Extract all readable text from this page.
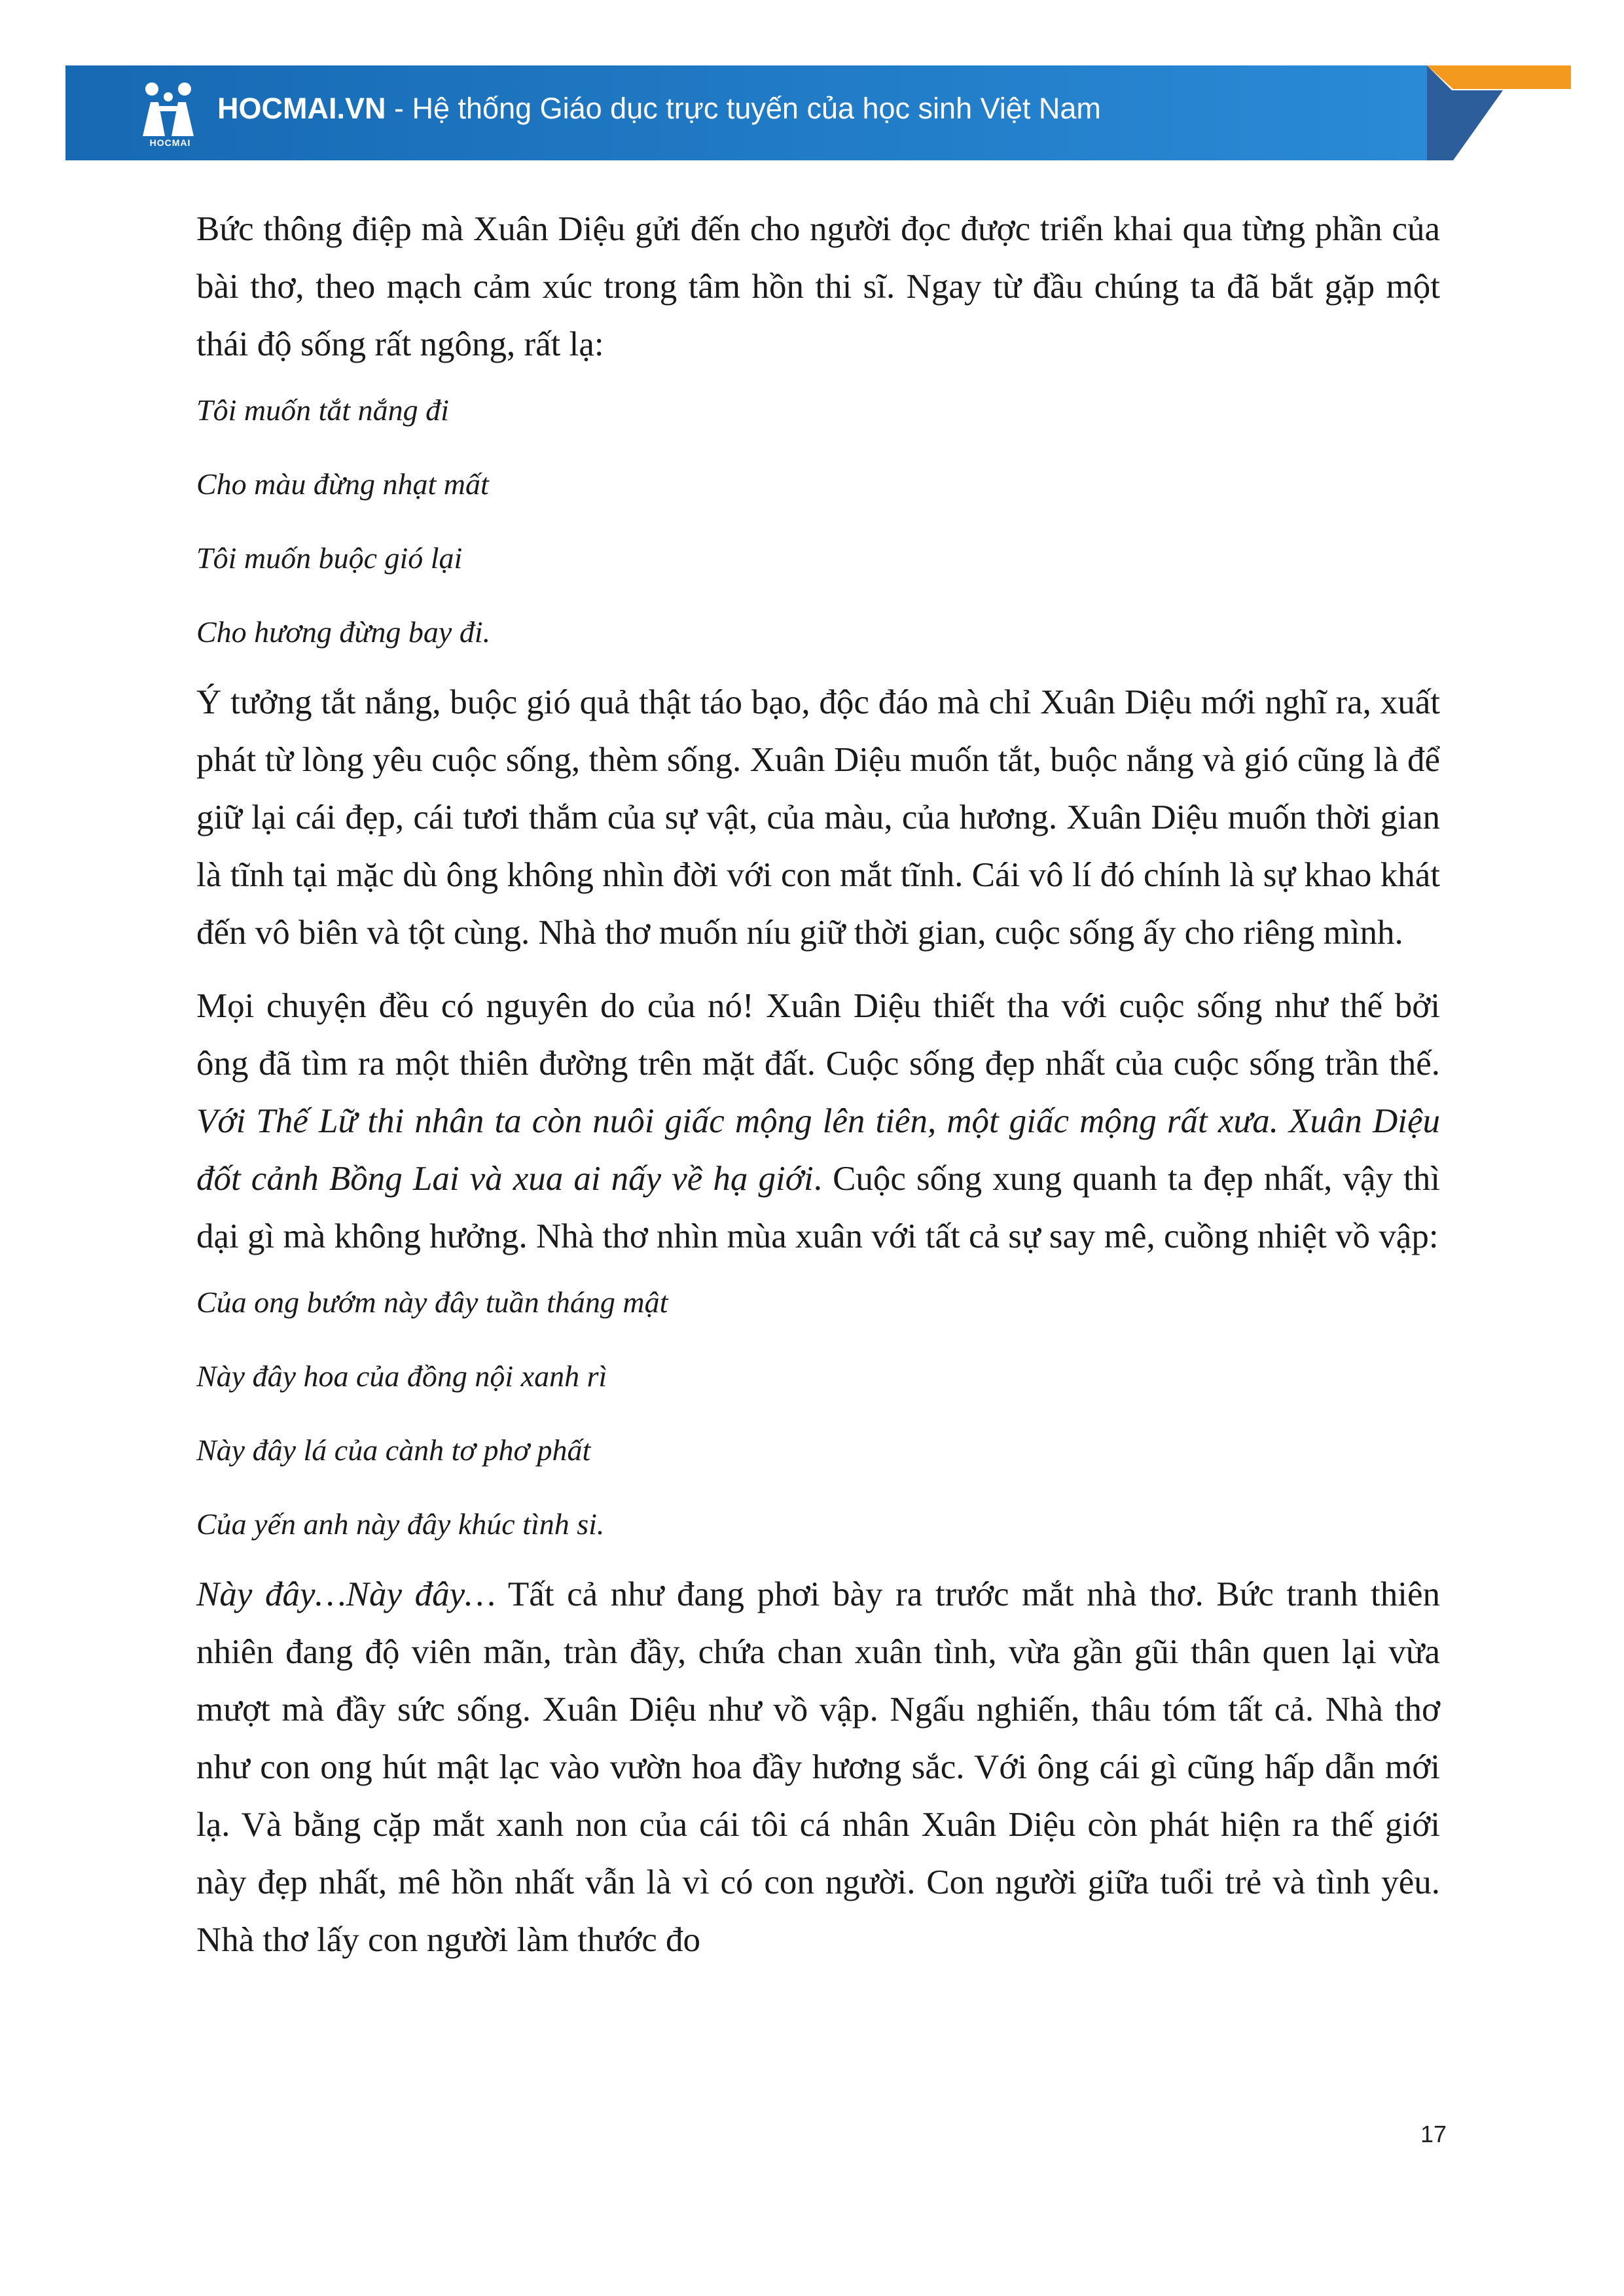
HOCMAI
HOCMAI.VN - Hệ thống Giáo dục trực tuyến của học sinh Việt Nam

Bức thông điệp mà Xuân Diệu gửi đến cho người đọc được triển khai qua từng phần của bài thơ, theo mạch cảm xúc trong tâm hồn thi sĩ. Ngay từ đầu chúng ta đã bắt gặp một thái độ sống rất ngông, rất lạ:

Tôi muốn tắt nắng đi
Cho màu đừng nhạt mất
Tôi muốn buộc gió lại
Cho hương đừng bay đi.

Ý tưởng tắt nắng, buộc gió quả thật táo bạo, độc đáo mà chỉ Xuân Diệu mới nghĩ ra, xuất phát từ lòng yêu cuộc sống, thèm sống. Xuân Diệu muốn tắt, buộc nắng và gió cũng là để giữ lại cái đẹp, cái tươi thắm của sự vật, của màu, của hương. Xuân Diệu muốn thời gian là tĩnh tại mặc dù ông không nhìn đời với con mắt tĩnh. Cái vô lí đó chính là sự khao khát đến vô biên và tột cùng. Nhà thơ muốn níu giữ thời gian, cuộc sống ấy cho riêng mình.

Mọi chuyện đều có nguyên do của nó! Xuân Diệu thiết tha với cuộc sống như thế bởi ông đã tìm ra một thiên đường trên mặt đất. Cuộc sống đẹp nhất của cuộc sống trần thế. Với Thế Lữ thi nhân ta còn nuôi giấc mộng lên tiên, một giấc mộng rất xưa. Xuân Diệu đốt cảnh Bồng Lai và xua ai nấy về hạ giới. Cuộc sống xung quanh ta đẹp nhất, vậy thì dại gì mà không hưởng. Nhà thơ nhìn mùa xuân với tất cả sự say mê, cuồng nhiệt vồ vập:

Của ong bướm này đây tuần tháng mật
Này đây hoa của đồng nội xanh rì
Này đây lá của cành tơ phơ phất
Của yến anh này đây khúc tình si.

Này đây…Này đây… Tất cả như đang phơi bày ra trước mắt nhà thơ. Bức tranh thiên nhiên đang độ viên mãn, tràn đầy, chứa chan xuân tình, vừa gần gũi thân quen lại vừa mượt mà đầy sức sống. Xuân Diệu như vồ vập. Ngấu nghiến, thâu tóm tất cả. Nhà thơ như con ong hút mật lạc vào vườn hoa đầy hương sắc. Với ông cái gì cũng hấp dẫn mới lạ. Và bằng cặp mắt xanh non của cái tôi cá nhân Xuân Diệu còn phát hiện ra thế giới này đẹp nhất, mê hồn nhất vẫn là vì có con người. Con người giữa tuổi trẻ và tình yêu. Nhà thơ lấy con người làm thước đo

17
